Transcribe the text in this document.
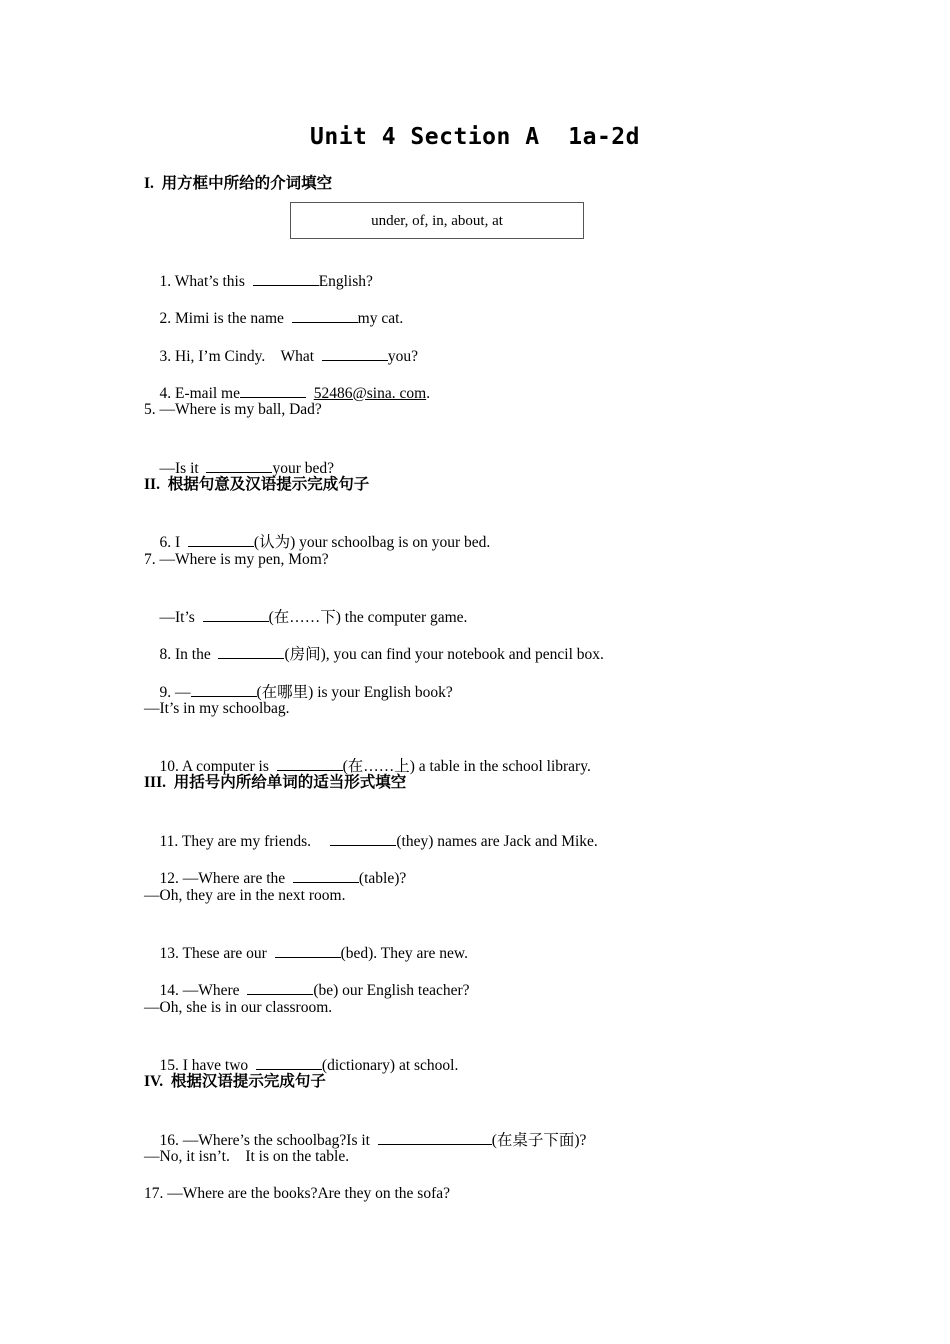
Unit 4 Section A  1a-2d
I.  用方框中所给的介词填空
under, of, in, about, at

1. What’s this	English?

2. Mimi is the name	my cat.

3. Hi, I’m Cindy.    What	you?

4. E-mail me	52486@sina. com.

5. —Where is my ball, Dad?

—Is it	your bed?

II.  根据句意及汉语提示完成句子

6. I	(认为) your schoolbag is on your bed.

7. —Where is my pen, Mom?

—It’s	(在……下) the computer game.

8. In the	(房间), you can find your notebook and pencil box.

9. —	(在哪里) is your English book?

—It’s in my schoolbag.

10. A computer is	(在……上) a table in the school library.

III.  用括号内所给单词的适当形式填空

11. They are my friends.	(they) names are Jack and Mike.

12. —Where are the	(table)?

—Oh, they are in the next room.

13. These are our	(bed). They are new.

14. —Where	(be) our English teacher?

—Oh, she is in our classroom.

15. I have two	(dictionary) at school.

IV.  根据汉语提示完成句子

16. —Where’s the schoolbag?Is it	(在桌子下面)?

—No, it isn’t.    It is on the table.
17. —Where are the books?Are they on the sofa?
